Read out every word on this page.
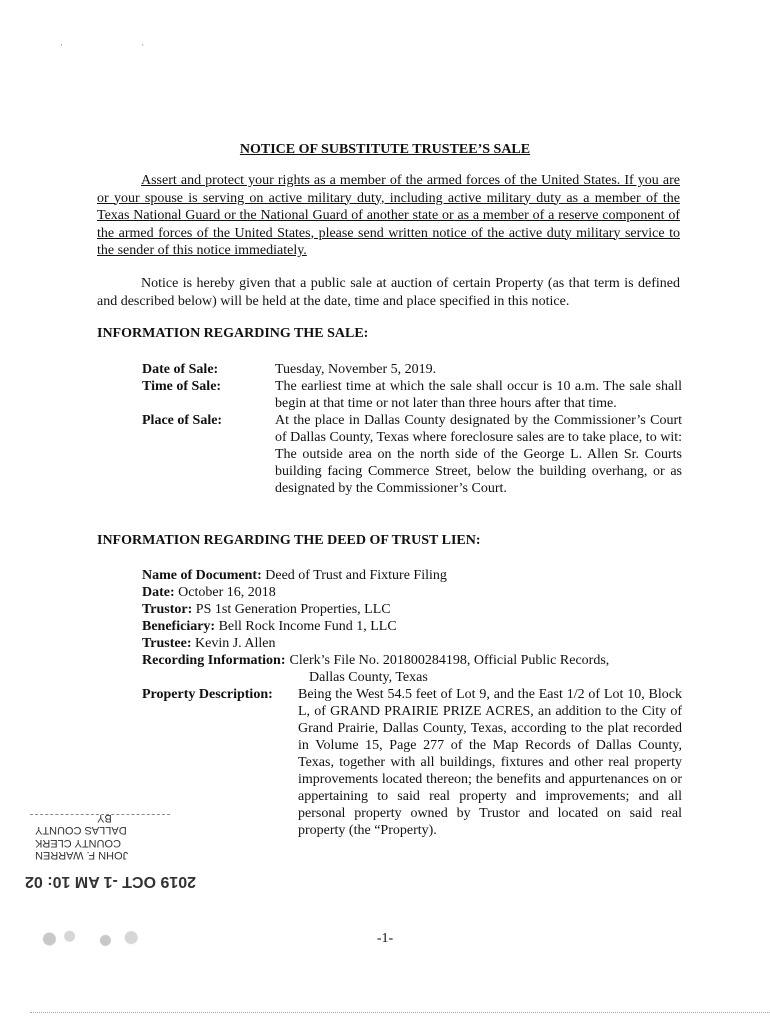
· ·
NOTICE OF SUBSTITUTE TRUSTEE’S SALE
Assert and protect your rights as a member of the armed forces of the United States. If you are or your spouse is serving on active military duty, including active military duty as a member of the Texas National Guard or the National Guard of another state or as a member of a reserve component of the armed forces of the United States, please send written notice of the active duty military service to the sender of this notice immediately.
Notice is hereby given that a public sale at auction of certain Property (as that term is defined and described below) will be held at the date, time and place specified in this notice.
INFORMATION REGARDING THE SALE:
Date of Sale:	Tuesday, November 5, 2019.
Time of Sale:	The earliest time at which the sale shall occur is 10 a.m. The sale shall begin at that time or not later than three hours after that time.
Place of Sale:	At the place in Dallas County designated by the Commissioner’s Court of Dallas County, Texas where foreclosure sales are to take place, to wit: The outside area on the north side of the George L. Allen Sr. Courts building facing Commerce Street, below the building overhang, or as designated by the Commissioner’s Court.
INFORMATION REGARDING THE DEED OF TRUST LIEN:
Name of Document: Deed of Trust and Fixture Filing
Date: October 16, 2018
Trustor: PS 1st Generation Properties, LLC
Beneficiary: Bell Rock Income Fund 1, LLC
Trustee: Kevin J. Allen
Recording Information: Clerk’s File No. 201800284198, Official Public Records,
Dallas County, Texas
Property Description:	Being the West 54.5 feet of Lot 9, and the East 1/2 of Lot 10, Block L, of GRAND PRAIRIE PRIZE ACRES, an addition to the City of Grand Prairie, Dallas County, Texas, according to the plat recorded in Volume 15, Page 277 of the Map Records of Dallas County, Texas, together with all buildings, fixtures and other real property improvements located thereon; the benefits and appurtenances on or appertaining to said real property and improvements; and all personal property owned by Trustor and located on said real property (the “Property).
BY
DALLAS COUNTY
COUNTY CLERK
JOHN F. WARREN
2019 OCT -1 AM 10: 02
-1-
